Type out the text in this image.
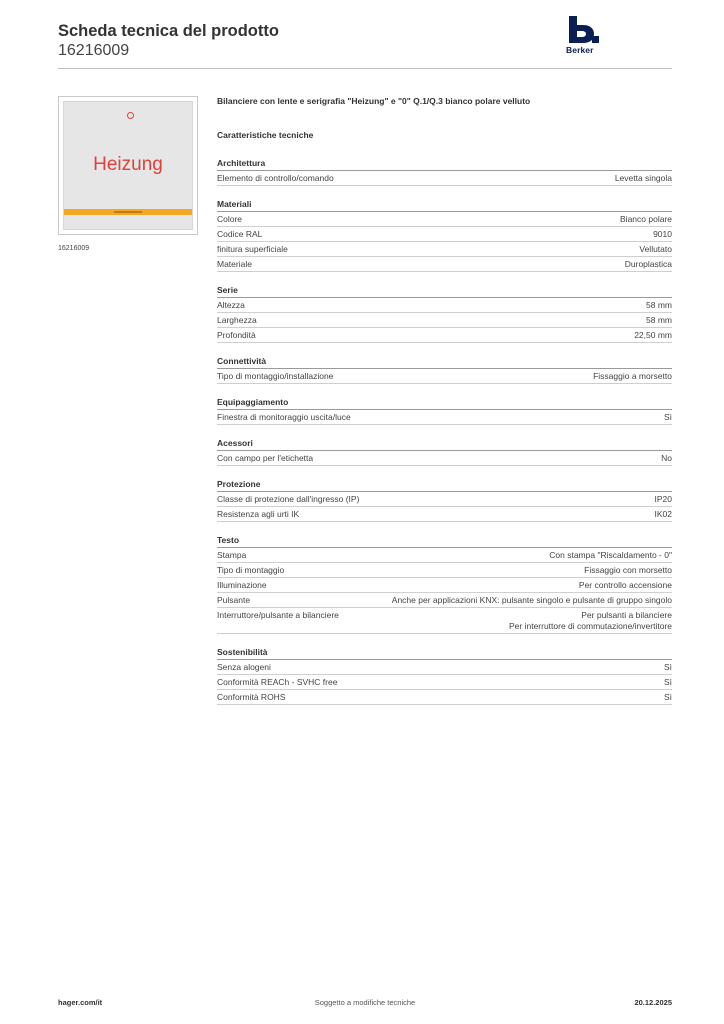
Scheda tecnica del prodotto
16216009	Berker
Heizung
16216009
Bilanciere con lente e serigrafia "Heizung" e "0" Q.1/Q.3 bianco polare velluto
Caratteristiche tecniche
Architettura
Elemento di controllo/comando	Levetta singola
Materiali
Colore	Bianco polare
Codice RAL	9010
finitura superficiale	Vellutato
Materiale	Duroplastica
Serie
Altezza	58 mm
Larghezza	58 mm
Profondità	22,50 mm
Connettività
Tipo di montaggio/installazione	Fissaggio a morsetto
Equipaggiamento
Finestra di monitoraggio uscita/luce	Sì
Acessori
Con campo per l'etichetta	No
Protezione
Classe di protezione dall'ingresso (IP)	IP20
Resistenza agli urti IK	IK02
Testo
Stampa	Con stampa "Riscaldamento - 0"
Tipo di montaggio	Fissaggio con morsetto
Illuminazione	Per controllo accensione
Pulsante	Anche per applicazioni KNX: pulsante singolo e pulsante di gruppo singolo
Interruttore/pulsante a bilanciere	Per pulsanti a bilanciere
Per interruttore di commutazione/invertitore
Sostenibilità
Senza alogeni	Sì
Conformità REACh - SVHC free	Sì
Conformità ROHS	Sì
hager.com/it	Soggetto a modifiche tecniche	20.12.2025
